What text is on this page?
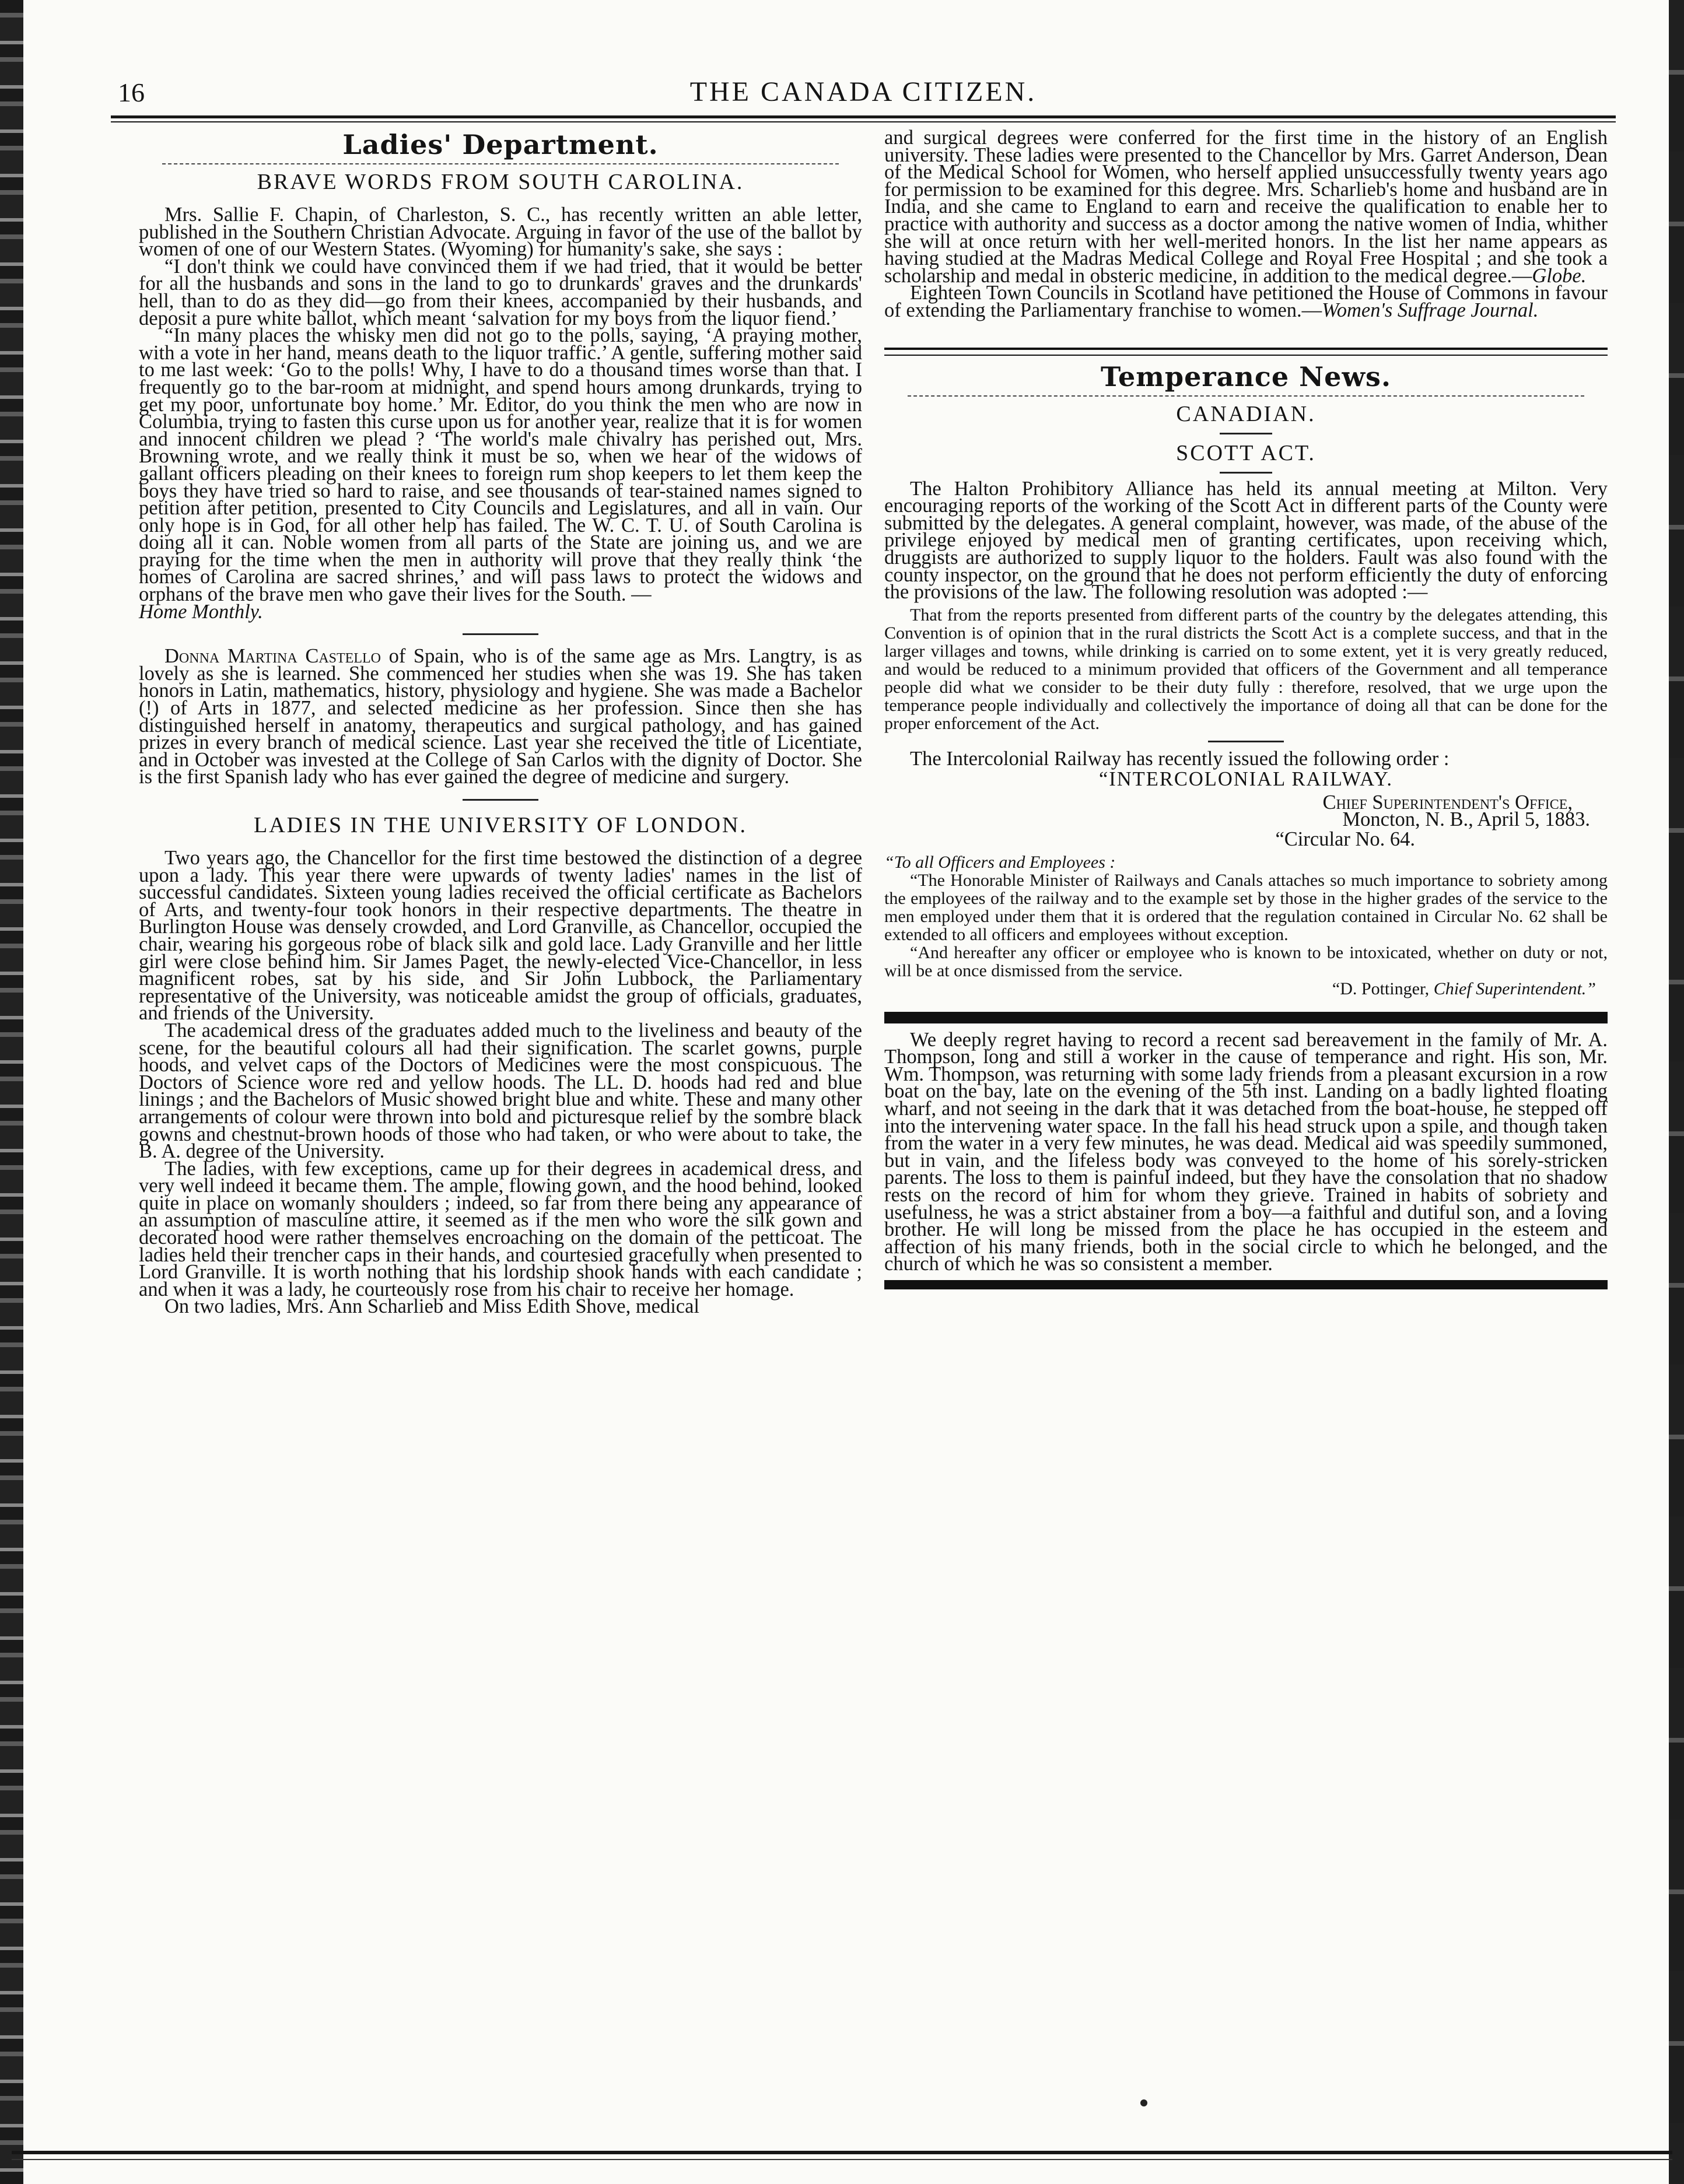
16	THE CANADA CITIZEN.
Ladies' Department.
BRAVE WORDS FROM SOUTH CAROLINA.

Mrs. Sallie F. Chapin, of Charleston, S. C., has recently written an able letter, published in the Southern Christian Advocate. Arguing in favor of the use of the ballot by women of one of our Western States. (Wyoming) for humanity's sake, she says :

“I don't think we could have convinced them if we had tried, that it would be better for all the husbands and sons in the land to go to drunkards' graves and the drunkards' hell, than to do as they did—go from their knees, accompanied by their husbands, and deposit a pure white ballot, which meant ‘salvation for my boys from the liquor fiend.’

“In many places the whisky men did not go to the polls, saying, ‘A praying mother, with a vote in her hand, means death to the liquor traffic.’ A gentle, suffering mother said to me last week: ‘Go to the polls! Why, I have to do a thousand times worse than that. I frequently go to the bar-room at midnight, and spend hours among drunkards, trying to get my poor, unfortunate boy home.’ Mr. Editor, do you think the men who are now in Columbia, trying to fasten this curse upon us for another year, realize that it is for women and innocent children we plead ? ‘The world's male chivalry has perished out, Mrs. Browning wrote, and we really think it must be so, when we hear of the widows of gallant officers pleading on their knees to foreign rum shop keepers to let them keep the boys they have tried so hard to raise, and see thousands of tear-stained names signed to petition after petition, presented to City Councils and Legislatures, and all in vain. Our only hope is in God, for all other help has failed. The W. C. T. U. of South Carolina is doing all it can. Noble women from all parts of the State are joining us, and we are praying for the time when the men in authority will prove that they really think ‘the homes of Carolina are sacred shrines,’ and will pass laws to protect the widows and orphans of the brave men who gave their lives for the South. —

Home Monthly.

Donna Martina Castello of Spain, who is of the same age as Mrs. Langtry, is as lovely as she is learned. She commenced her studies when she was 19. She has taken honors in Latin, mathematics, history, physiology and hygiene. She was made a Bachelor (!) of Arts in 1877, and selected medicine as her profession. Since then she has distinguished herself in anatomy, therapeutics and surgical pathology, and has gained prizes in every branch of medical science. Last year she received the title of Licentiate, and in October was invested at the College of San Carlos with the dignity of Doctor. She is the first Spanish lady who has ever gained the degree of medicine and surgery.

LADIES IN THE UNIVERSITY OF LONDON.

Two years ago, the Chancellor for the first time bestowed the distinction of a degree upon a lady. This year there were upwards of twenty ladies' names in the list of successful candidates. Sixteen young ladies received the official certificate as Bachelors of Arts, and twenty-four took honors in their respective departments. The theatre in Burlington House was densely crowded, and Lord Granville, as Chancellor, occupied the chair, wearing his gorgeous robe of black silk and gold lace. Lady Granville and her little girl were close behind him. Sir James Paget, the newly-elected Vice-Chancellor, in less magnificent robes, sat by his side, and Sir John Lubbock, the Parliamentary representative of the University, was noticeable amidst the group of officials, graduates, and friends of the University.

The academical dress of the graduates added much to the liveliness and beauty of the scene, for the beautiful colours all had their signification. The scarlet gowns, purple hoods, and velvet caps of the Doctors of Medicines were the most conspicuous. The Doctors of Science wore red and yellow hoods. The LL. D. hoods had red and blue linings ; and the Bachelors of Music showed bright blue and white. These and many other arrangements of colour were thrown into bold and picturesque relief by the sombre black gowns and chestnut-brown hoods of those who had taken, or who were about to take, the B. A. degree of the University.

The ladies, with few exceptions, came up for their degrees in academical dress, and very well indeed it became them. The ample, flowing gown, and the hood behind, looked quite in place on womanly shoulders ; indeed, so far from there being any appearance of an assumption of masculine attire, it seemed as if the men who wore the silk gown and decorated hood were rather themselves encroaching on the domain of the petticoat. The ladies held their trencher caps in their hands, and courtesied gracefully when presented to Lord Granville. It is worth nothing that his lordship shook hands with each candidate ; and when it was a lady, he courteously rose from his chair to receive her homage.

On two ladies, Mrs. Ann Scharlieb and Miss Edith Shove, medical

and surgical degrees were conferred for the first time in the history of an English university. These ladies were presented to the Chancellor by Mrs. Garret Anderson, Dean of the Medical School for Women, who herself applied unsuccessfully twenty years ago for permission to be examined for this degree. Mrs. Scharlieb's home and husband are in India, and she came to England to earn and receive the qualification to enable her to practice with authority and success as a doctor among the native women of India, whither she will at once return with her well-merited honors. In the list her name appears as having studied at the Madras Medical College and Royal Free Hospital ; and she took a scholarship and medal in obsteric medicine, in addition to the medical degree.—Globe.

Eighteen Town Councils in Scotland have petitioned the House of Commons in favour of extending the Parliamentary franchise to women.—Women's Suffrage Journal.

Temperance News.
CANADIAN.
SCOTT ACT.

The Halton Prohibitory Alliance has held its annual meeting at Milton. Very encouraging reports of the working of the Scott Act in different parts of the County were submitted by the delegates. A general complaint, however, was made, of the abuse of the privilege enjoyed by medical men of granting certificates, upon receiving which, druggists are authorized to supply liquor to the holders. Fault was also found with the county inspector, on the ground that he does not perform efficiently the duty of enforcing the provisions of the law. The following resolution was adopted :—

That from the reports presented from different parts of the country by the delegates attending, this Convention is of opinion that in the rural districts the Scott Act is a complete success, and that in the larger villages and towns, while drinking is carried on to some extent, yet it is very greatly reduced, and would be reduced to a minimum provided that officers of the Government and all temperance people did what we consider to be their duty fully : therefore, resolved, that we urge upon the temperance people individually and collectively the importance of doing all that can be done for the proper enforcement of the Act.

The Intercolonial Railway has recently issued the following order :

“INTERCOLONIAL RAILWAY.
Chief Superintendent's Office,
Moncton, N. B., April 5, 1883.
“Circular No. 64.

“To all Officers and Employees :

“The Honorable Minister of Railways and Canals attaches so much importance to sobriety among the employees of the railway and to the example set by those in the higher grades of the service to the men employed under them that it is ordered that the regulation contained in Circular No. 62 shall be extended to all officers and employees without exception.

“And hereafter any officer or employee who is known to be intoxicated, whether on duty or not, will be at once dismissed from the service.

“D. Pottinger, Chief Superintendent.”

We deeply regret having to record a recent sad bereavement in the family of Mr. A. Thompson, long and still a worker in the cause of temperance and right. His son, Mr. Wm. Thompson, was returning with some lady friends from a pleasant excursion in a row boat on the bay, late on the evening of the 5th inst. Landing on a badly lighted floating wharf, and not seeing in the dark that it was detached from the boat-house, he stepped off into the intervening water space. In the fall his head struck upon a spile, and though taken from the water in a very few minutes, he was dead. Medical aid was speedily summoned, but in vain, and the lifeless body was conveyed to the home of his sorely-stricken parents. The loss to them is painful indeed, but they have the consolation that no shadow rests on the record of him for whom they grieve. Trained in habits of sobriety and usefulness, he was a strict abstainer from a boy—a faithful and dutiful son, and a loving brother. He will long be missed from the place he has occupied in the esteem and affection of his many friends, both in the social circle to which he belonged, and the church of which he was so consistent a member.
